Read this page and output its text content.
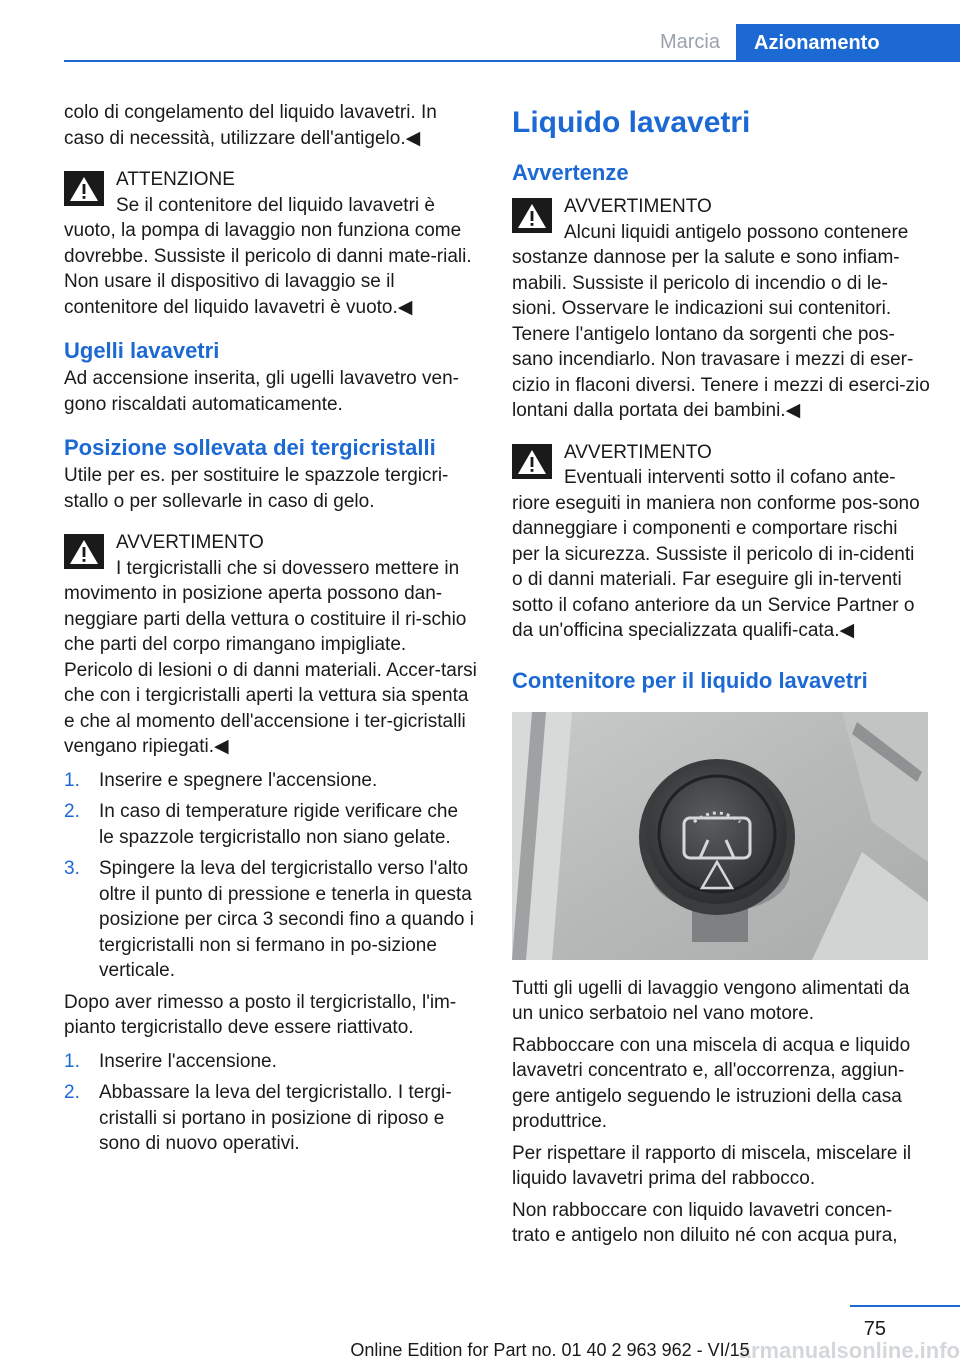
Marcia	Azionamento

colo di congelamento del liquido lavavetri. In caso di necessità, utilizzare dell'antigelo.◀

ATTENZIONE
Se il contenitore del liquido lavavetri è vuoto, la pompa di lavaggio non funziona come dovrebbe. Sussiste il pericolo di danni mate-riali. Non usare il dispositivo di lavaggio se il contenitore del liquido lavavetri è vuoto.◀
Ugelli lavavetri

Ad accensione inserita, gli ugelli lavavetro ven-gono riscaldati automaticamente.

Posizione sollevata dei tergicristalli

Utile per es. per sostituire le spazzole tergicri-stallo o per sollevarle in caso di gelo.

AVVERTIMENTO
I tergicristalli che si dovessero mettere in movimento in posizione aperta possono dan-neggiare parti della vettura o costituire il ri-schio che parti del corpo rimangano impigliate. Pericolo di lesioni o di danni materiali. Accer-tarsi che con i tergicristalli aperti la vettura sia spenta e che al momento dell'accensione i ter-gicristalli vengano ripiegati.◀
1. Inserire e spegnere l'accensione.
2. In caso di temperature rigide verificare che le spazzole tergicristallo non siano gelate.
3. Spingere la leva del tergicristallo verso l'alto oltre il punto di pressione e tenerla in questa posizione per circa 3 secondi fino a quando i tergicristalli non si fermano in po-sizione verticale.

Dopo aver rimesso a posto il tergicristallo, l'im-pianto tergicristallo deve essere riattivato.

1. Inserire l'accensione.
2. Abbassare la leva del tergicristallo. I tergi-cristalli si portano in posizione di riposo e sono di nuovo operativi.
Liquido lavavetri
Avvertenze
AVVERTIMENTO
Alcuni liquidi antigelo possono contenere sostanze dannose per la salute e sono infiam-mabili. Sussiste il pericolo di incendio o di le-sioni. Osservare le indicazioni sui contenitori. Tenere l'antigelo lontano da sorgenti che pos-sano incendiarlo. Non travasare i mezzi di eser-cizio in flaconi diversi. Tenere i mezzi di eserci-zio lontani dalla portata dei bambini.◀
AVVERTIMENTO
Eventuali interventi sotto il cofano ante-riore eseguiti in maniera non conforme pos-sono danneggiare i componenti e comportare rischi per la sicurezza. Sussiste il pericolo di in-cidenti o di danni materiali. Far eseguire gli in-terventi sotto il cofano anteriore da un Service Partner o da un'officina specializzata qualifi-cata.◀
Contenitore per il liquido lavavetri

Tutti gli ugelli di lavaggio vengono alimentati da un unico serbatoio nel vano motore.

Rabboccare con una miscela di acqua e liquido lavavetri concentrato e, all'occorrenza, aggiun-gere antigelo seguendo le istruzioni della casa produttrice.

Per rispettare il rapporto di miscela, miscelare il liquido lavavetri prima del rabbocco.

Non rabboccare con liquido lavavetri concen-trato e antigelo non diluito né con acqua pura,

75
armanualsonline.info
Online Edition for Part no. 01 40 2 963 962 - VI/15
